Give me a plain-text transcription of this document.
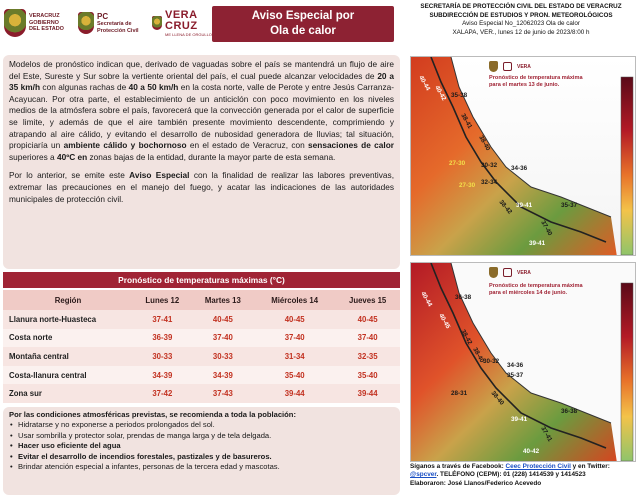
VERACRUZ
GOBIERNO
DEL ESTADO
PC
Secretaría de
Protección Civil
VERA
CRUZ
ME LLENA DE ORGULLO
Aviso Especial por
Ola de calor
SECRETARÍA DE PROTECCIÓN CIVIL DEL ESTADO DE VERACRUZ
SUBDIRECCIÓN DE ESTUDIOS Y PRON. METEOROLÓGICOS
Aviso Especial No_12062023 Ola de calor
XALAPA, VER., lunes 12 de junio de 2023/8:00 h

Modelos de pronóstico indican que, derivado de vaguadas sobre el país se mantendrá un flujo de aire del Este, Sureste y Sur sobre la vertiente oriental del país, el cual puede alcanzar velocidades de 20 a 35 km/h con algunas rachas de 40 a 50 km/h en la costa norte, valle de Perote y entre Jesús Carranza-Acayucan. Por otra parte, el establecimiento de un anticiclón con poco movimiento en los niveles medios de la atmósfera sobre el país, favorecerá que la convección generada por el calor de superficie se limite, y además de que el aire también presente movimiento descendente, comprimiendo y atrapando al aire cálido, y evitando el desarrollo de nubosidad generadora de lluvias; tal situación, propiciaría un ambiente cálido y bochornoso en el estado de Veracruz, con sensaciones de calor superiores a 40ºC en zonas bajas de la entidad, durante la mayor parte de esta semana.

Por lo anterior, se emite este Aviso Especial con la finalidad de realizar las labores preventivas, extremar las precauciones en el manejo del fuego, y acatar las indicaciones de las autoridades municipales de protección civil.

Pronóstico de temperaturas máximas (°C)
Región	Lunes 12	Martes 13	Miércoles 14	Jueves 15
Llanura norte-Huasteca	37-41	40-45	40-45	40-45
Costa norte	36-39	37-40	37-40	37-40
Montaña central	30-33	30-33	31-34	32-35
Costa-llanura central	34-39	34-39	35-40	35-40
Zona sur	37-42	37-43	39-44	39-44
Por las condiciones atmosféricas previstas, se recomienda a toda la población:
• Hidratarse y no exponerse a periodos prolongados del sol.
• Usar sombrilla y protector solar, prendas de manga larga y de tela delgada.
• Hacer uso eficiente del agua
• Evitar el desarrollo de incendios forestales, pastizales y de basureros.
• Brindar atención especial a infantes, personas de la tercera edad y mascotas.
VERA
Pronóstico de temperatura máxima
para el martes 13 de junio.
40-44
40-42 35-38
38-41
38-40
30-32 34-36
27-30
27-30 32-34
38-42 39-41	35-37
37-40
39-41
VERA
Pronóstico de temperatura máxima
para el miércoles 14 de junio.
40-44	36-38
40-45
38-42
38-40
30-32
34-36
35-37
28-31	38-40
39-41
36-38
37-41
40-42
Síganos a través de Facebook: Ceec Protección Civil y en Twitter:
@spcver. TELÉFONO (CEPM): 01 (228) 1414539 y 1414523
Elaboraron: José Llanos/Federico Acevedo
